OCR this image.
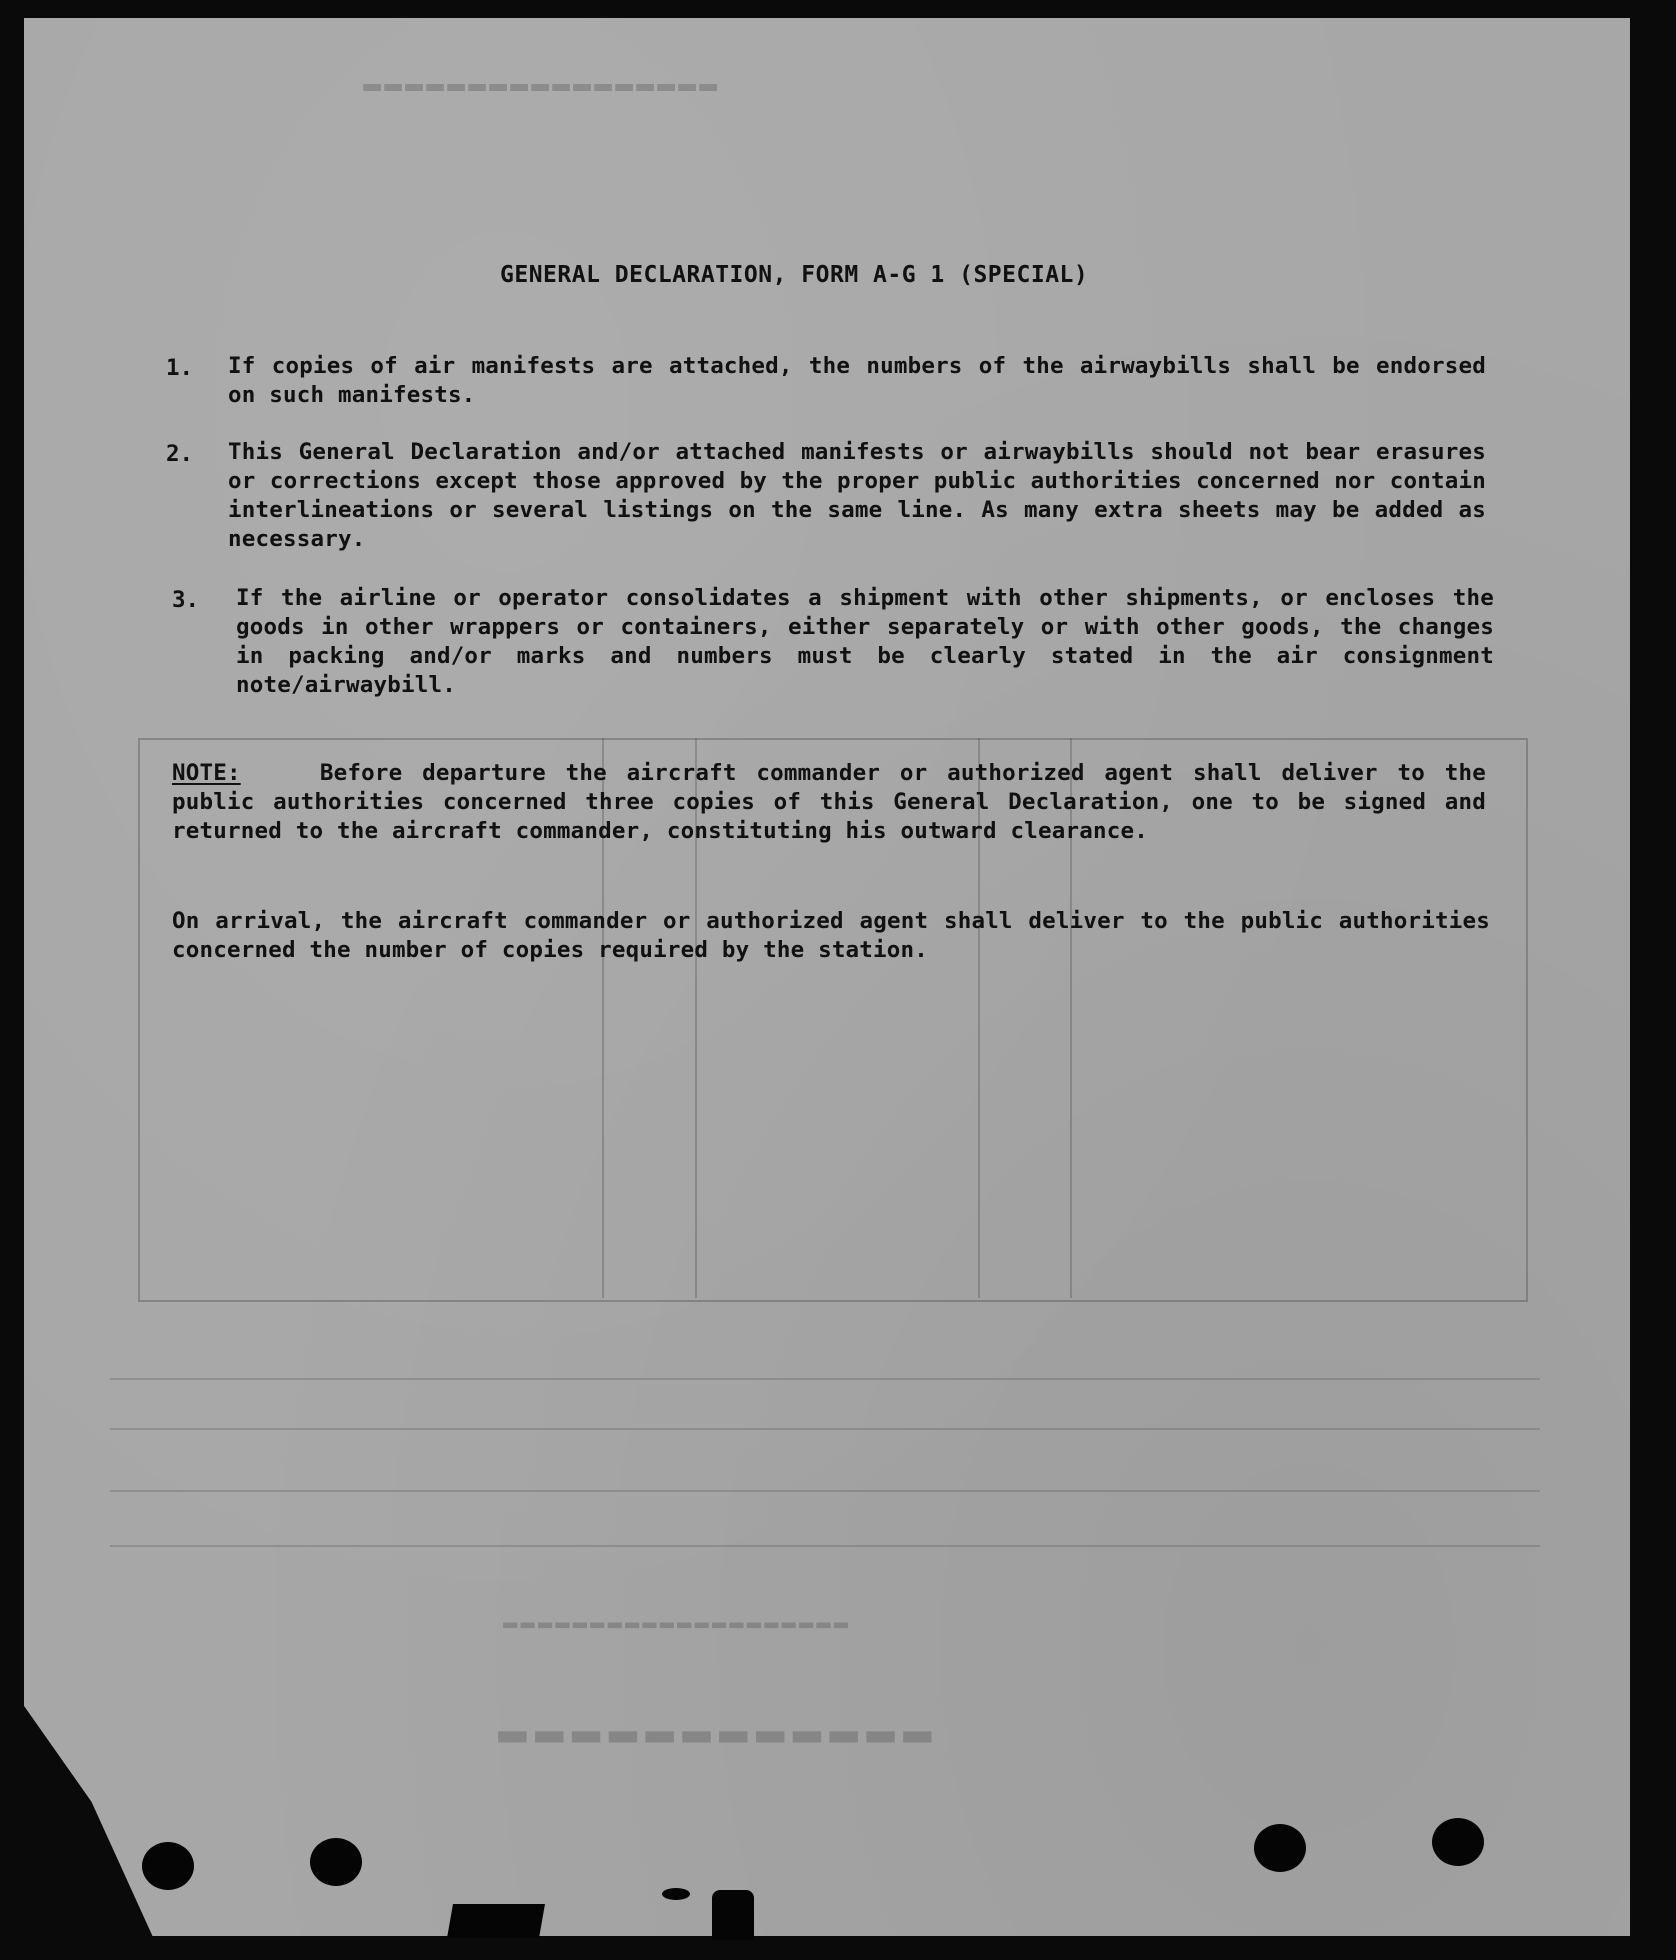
▬▬▬▬▬▬▬▬▬▬▬▬▬▬▬▬▬
▬▬▬▬▬▬▬▬▬▬▬▬
▬▬▬▬▬▬▬▬▬▬▬▬▬▬▬▬▬▬▬▬
GENERAL DECLARATION, FORM A-G 1 (SPECIAL)
1. If copies of air manifests are attached, the numbers of the airwaybills shall be endorsed on such manifests.
2. This General Declaration and/or attached manifests or airwaybills should not bear erasures or corrections except those approved by the proper public authorities concerned nor contain interlineations or several listings on the same line. As many extra sheets may be added as necessary.
3. If the airline or operator consolidates a shipment with other shipments, or encloses the goods in other wrappers or containers, either separately or with other goods, the changes in packing and/or marks and numbers must be clearly stated in the air consignment note/airwaybill.
NOTE:	Before departure the aircraft commander or authorized agent shall deliver to the public authorities concerned three copies of this General Declaration, one to be signed and returned to the aircraft commander, constituting his outward clearance.
On arrival, the aircraft commander or authorized agent shall deliver to the public authorities concerned the number of copies required by the station.
